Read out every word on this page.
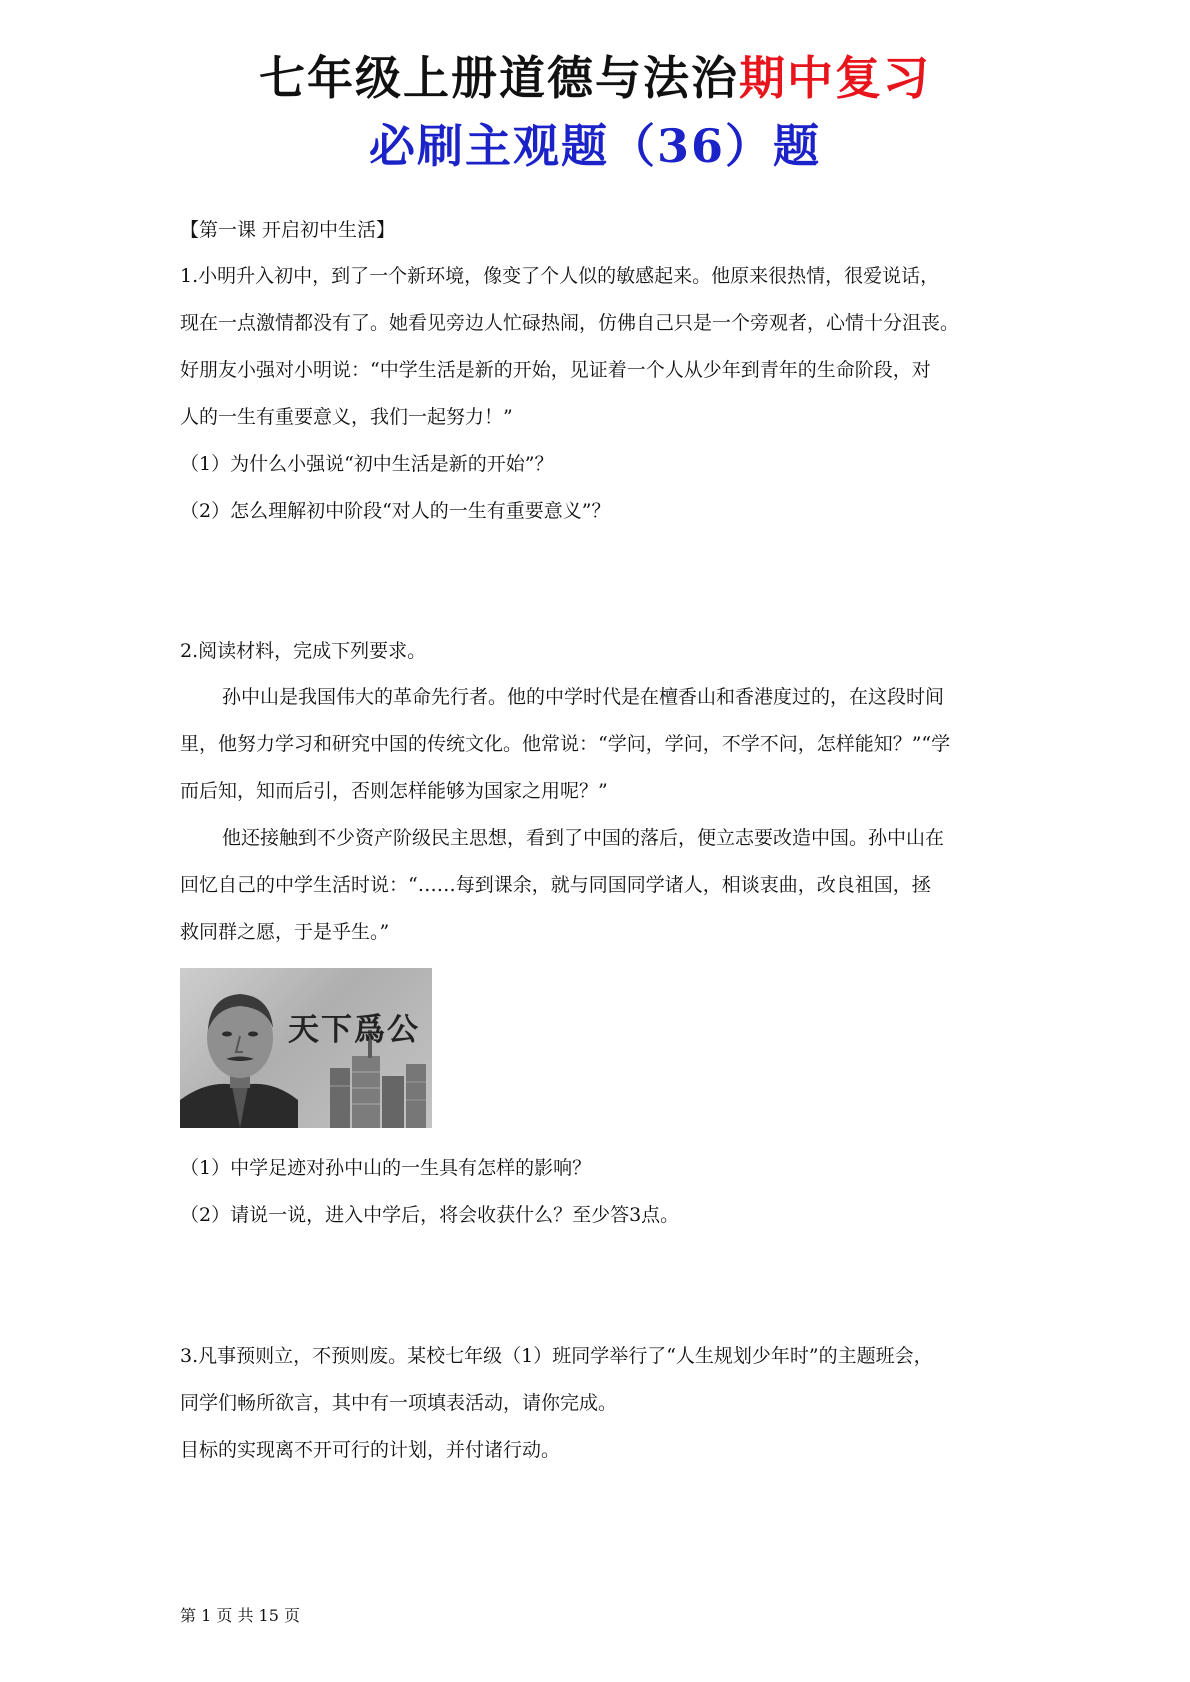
七年级上册道德与法治期中复习
必刷主观题（36）题
【第一课 开启初中生活】
1.小明升入初中，到了一个新环境，像变了个人似的敏感起来。他原来很热情，很爱说话，
现在一点激情都没有了。她看见旁边人忙碌热闹，仿佛自己只是一个旁观者，心情十分沮丧。
好朋友小强对小明说：“中学生活是新的开始，见证着一个人从少年到青年的生命阶段，对
人的一生有重要意义，我们一起努力！”
（1）为什么小强说“初中生活是新的开始”？
（2）怎么理解初中阶段“对人的一生有重要意义”？
2.阅读材料，完成下列要求。
孙中山是我国伟大的革命先行者。他的中学时代是在檀香山和香港度过的，在这段时间
里，他努力学习和研究中国的传统文化。他常说：“学问，学问，不学不问，怎样能知？”“学
而后知，知而后引，否则怎样能够为国家之用呢？”
他还接触到不少资产阶级民主思想，看到了中国的落后，便立志要改造中国。孙中山在
回忆自己的中学生活时说：“……每到课余，就与同国同学诸人，相谈衷曲，改良祖国，拯
救同群之愿，于是乎生。”
天下爲公
（1）中学足迹对孙中山的一生具有怎样的影响？
（2）请说一说，进入中学后，将会收获什么？至少答3点。
3.凡事预则立，不预则废。某校七年级（1）班同学举行了“人生规划少年时”的主题班会，
同学们畅所欲言，其中有一项填表活动，请你完成。
目标的实现离不开可行的计划，并付诸行动。
第 1 页 共 15 页
